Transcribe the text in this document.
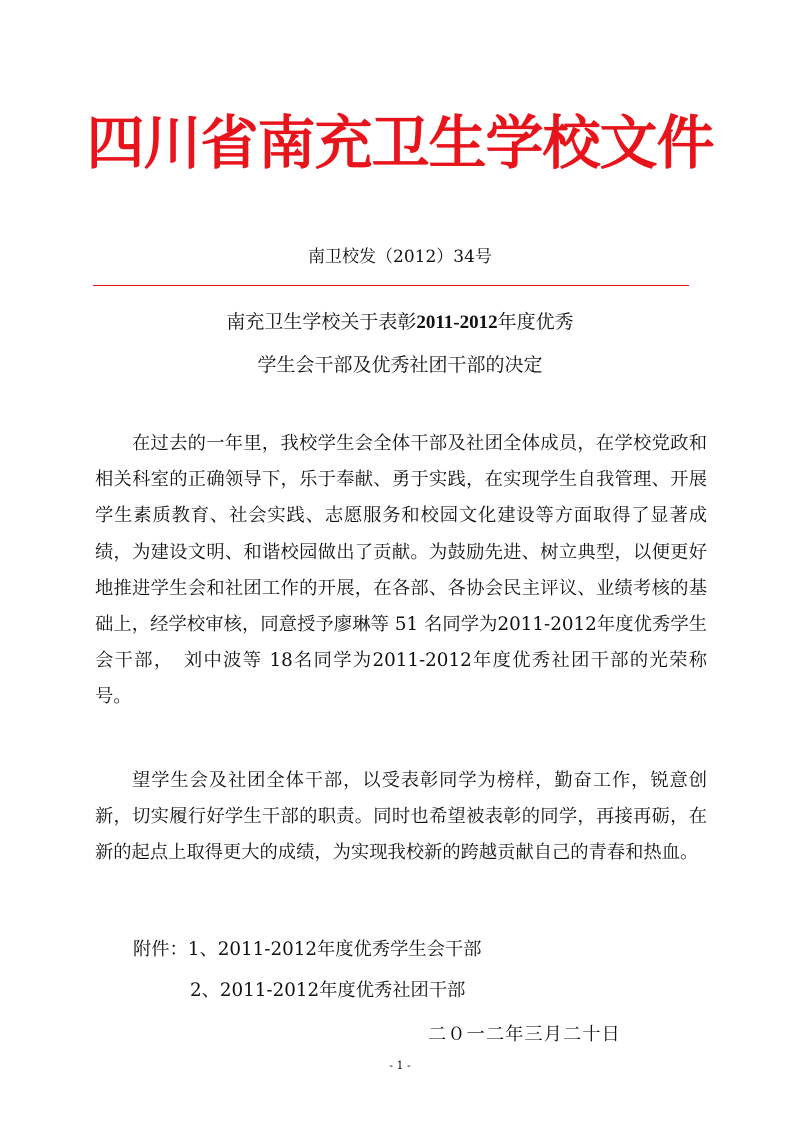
四川省南充卫生学校文件
南卫校发（2012）34号
南充卫生学校关于表彰2011-2012年度优秀
学生会干部及优秀社团干部的决定
在过去的一年里，我校学生会全体干部及社团全体成员，在学校党政和相关科室的正确领导下，乐于奉献、勇于实践，在实现学生自我管理、开展学生素质教育、社会实践、志愿服务和校园文化建设等方面取得了显著成绩，为建设文明、和谐校园做出了贡献。为鼓励先进、树立典型，以便更好地推进学生会和社团工作的开展，在各部、各协会民主评议、业绩考核的基础上，经学校审核，同意授予廖琳等 51 名同学为2011-2012年度优秀学生会干部，　刘中波等 18名同学为2011-2012年度优秀社团干部的光荣称号。
望学生会及社团全体干部，以受表彰同学为榜样，勤奋工作，锐意创新，切实履行好学生干部的职责。同时也希望被表彰的同学，再接再砺，在新的起点上取得更大的成绩，为实现我校新的跨越贡献自己的青春和热血。
附件：1、2011-2012年度优秀学生会干部
2、2011-2012年度优秀社团干部
二０一二年三月二十日
- 1 -
